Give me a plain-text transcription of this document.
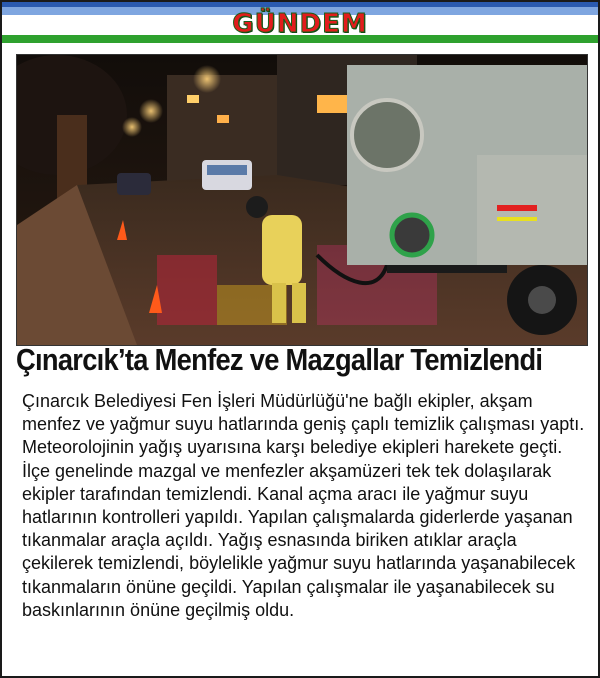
GÜNDEM
Çınarcık’ta Menfez ve Mazgallar Temizlendi

Çınarcık Belediyesi Fen İşleri Müdürlüğü'ne bağlı ekipler, akşam menfez ve yağmur suyu hatlarında geniş çaplı temizlik çalışması yaptı.

Meteorolojinin yağış uyarısına karşı belediye ekipleri harekete geçti. İlçe genelinde mazgal ve menfezler akşamüzeri tek tek dolaşılarak ekipler tarafından temizlendi. Kanal açma aracı ile yağmur suyu hatlarının kontrolleri yapıldı. Yapılan çalışmalarda giderlerde yaşanan tıkanmalar araçla açıldı. Yağış esnasında biriken atıklar araçla çekilerek temizlendi, böylelikle yağmur suyu hatlarında yaşanabilecek tıkanmaların önüne geçildi. Yapılan çalışmalar ile yaşanabilecek su baskınlarının önüne geçilmiş oldu.
